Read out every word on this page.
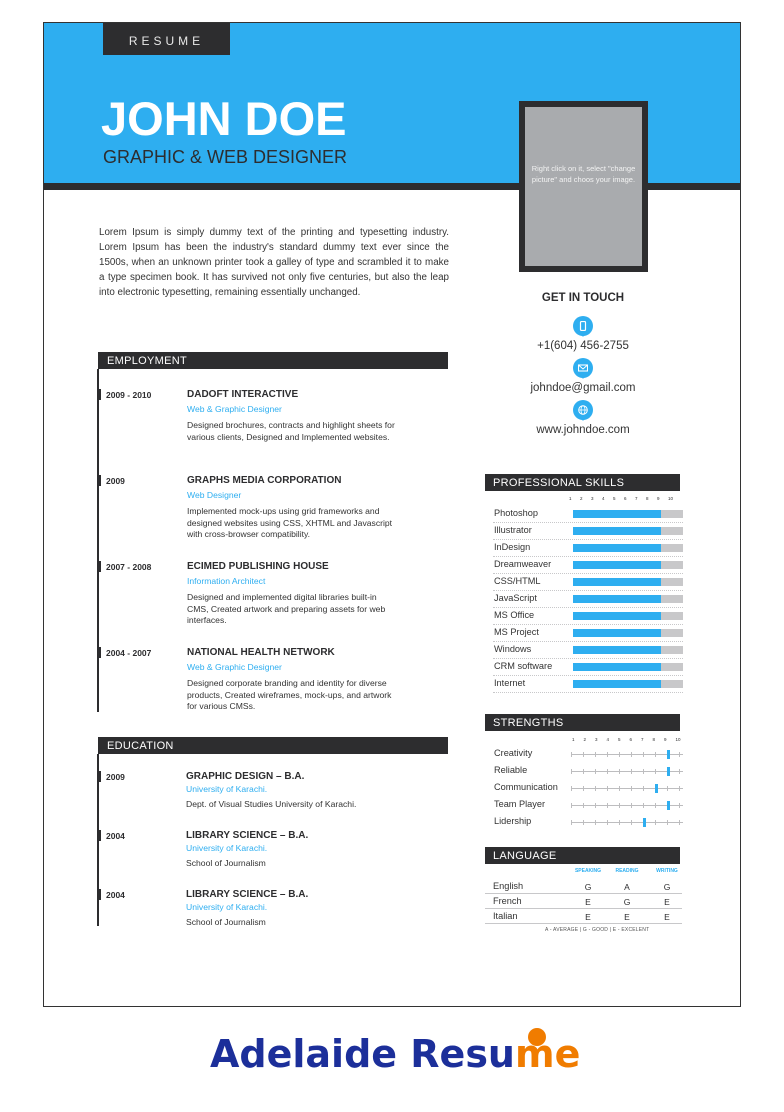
RESUME
JOHN DOE
GRAPHIC & WEB DESIGNER
Right click on it, select "change picture" and choos your image.
Lorem Ipsum is simply dummy text of the printing and typesetting industry. Lorem Ipsum has been the industry's standard dummy text ever since the 1500s, when an unknown printer took a galley of type and scrambled it to make a type specimen book. It has survived not only five centuries, but also the leap into electronic typesetting, remaining essentially unchanged.
EMPLOYMENT
2009 - 2010	DADOFT INTERACTIVE
Web & Graphic Designer
Designed brochures, contracts and highlight sheets for various clients, Designed and Implemented websites.
2009	GRAPHS MEDIA CORPORATION
Web Designer
Implemented mock-ups using grid frameworks and designed websites using CSS, XHTML and Javascript with cross-browser compatibility.
2007 - 2008	ECIMED PUBLISHING HOUSE
Information Architect
Designed and implemented digital libraries built-in CMS, Created artwork and preparing assets for web interfaces.
2004 - 2007	NATIONAL HEALTH NETWORK
Web & Graphic Designer
Designed corporate branding and identity for diverse products, Created wireframes, mock-ups, and artwork for various CMSs.
EDUCATION
2009	GRAPHIC DESIGN – B.A.
University of Karachi.
Dept. of Visual Studies University of Karachi.
2004	LIBRARY SCIENCE – B.A.
University of Karachi.
School of Journalism
2004	LIBRARY SCIENCE – B.A.
University of Karachi.
School of Journalism
GET IN TOUCH
+1(604) 456-2755
johndoe@gmail.com
www.johndoe.com
PROFESSIONAL SKILLS
1 2 3 4 5 6 7 8 9 10
Photoshop
Illustrator
InDesign
Dreamweaver
CSS/HTML
JavaScript
MS Office
MS Project
Windows
CRM software
Internet
STRENGTHS
1 2 3 4 5 6 7 8 9 10
Creativity
Reliable
Communication
Team Player
Lidership
LANGUAGE
SPEAKING	READING	WRITING
English	G	A	G
French	E	G	E
Italian	E	E	E
A - AVERAGE | G - GOOD | E - EXCELENT
Adelaide Resume
